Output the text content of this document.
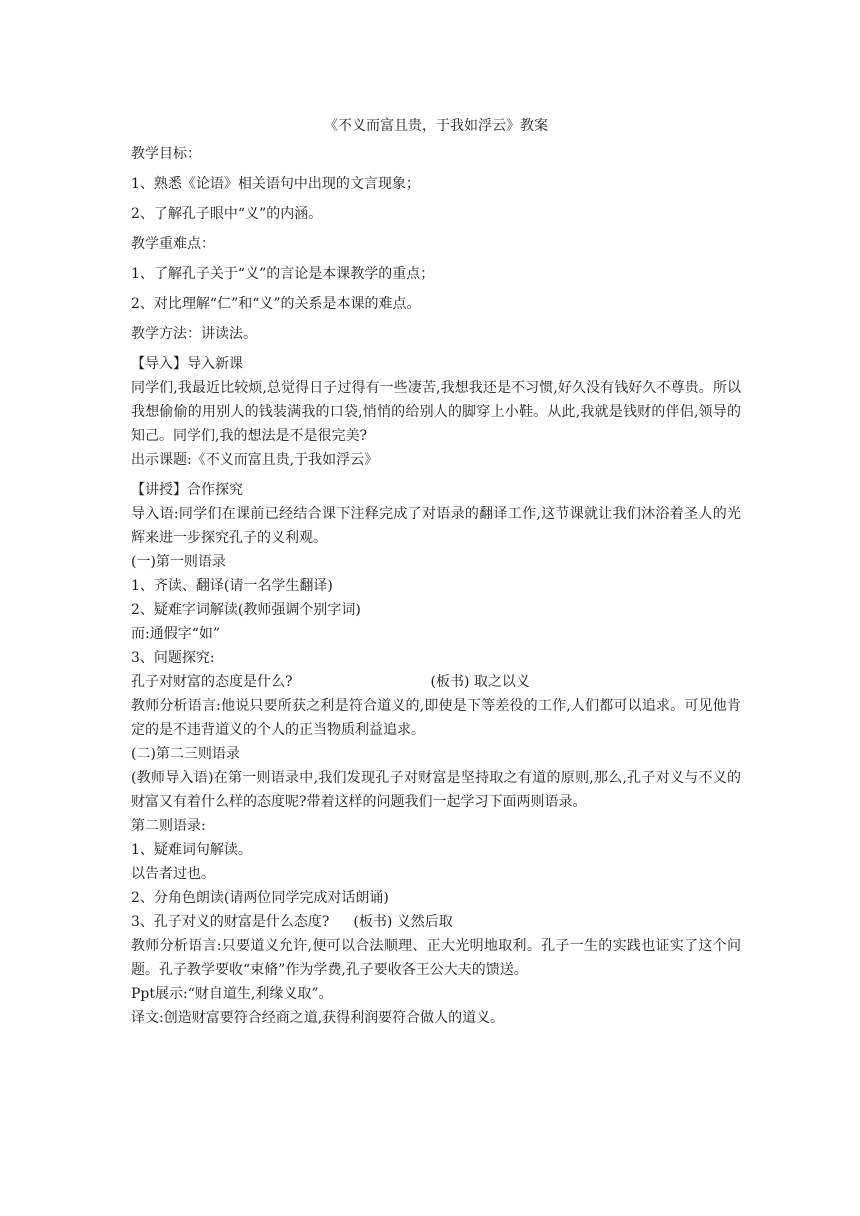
《不义而富且贵，于我如浮云》教案
教学目标：
1、熟悉《论语》相关语句中出现的文言现象；
2、了解孔子眼中“义”的内涵。
教学重难点：
1、了解孔子关于“义”的言论是本课教学的重点；
2、对比理解“仁”和“义”的关系是本课的难点。
教学方法：讲读法。
【导入】导入新课
同学们,我最近比较烦,总觉得日子过得有一些凄苦,我想我还是不习惯,好久没有钱好久不尊贵。所以我想偷偷的用别人的钱装满我的口袋,悄悄的给别人的脚穿上小鞋。从此,我就是钱财的伴侣,领导的知己。同学们,我的想法是不是很完美?
出示课题:《不义而富且贵,于我如浮云》
【讲授】合作探究
导入语:同学们在课前已经结合课下注释完成了对语录的翻译工作,这节课就让我们沐浴着圣人的光辉来进一步探究孔子的义利观。
(一)第一则语录
1、齐读、翻译(请一名学生翻译)
2、疑难字词解读(教师强调个别字词)
而:通假字“如”
3、问题探究:
孔子对财富的态度是什么?	(板书) 取之以义
教师分析语言:他说只要所获之利是符合道义的,即使是下等差役的工作,人们都可以追求。可见他肯定的是不违背道义的个人的正当物质利益追求。
(二)第二三则语录
(教师导入语)在第一则语录中,我们发现孔子对财富是坚持取之有道的原则,那么,孔子对义与不义的财富又有着什么样的态度呢?带着这样的问题我们一起学习下面两则语录。
第二则语录:
1、疑难词句解读。
以告者过也。
2、分角色朗读(请两位同学完成对话朗诵)
3、孔子对义的财富是什么态度? (板书) 义然后取
教师分析语言:只要道义允许,便可以合法顺理、正大光明地取利。孔子一生的实践也证实了这个问题。孔子教学要收“束脩”作为学费,孔子要收各王公大夫的馈送。
Ppt展示:“财自道生,利缘义取”。
译文:创造财富要符合经商之道,获得利润要符合做人的道义。
